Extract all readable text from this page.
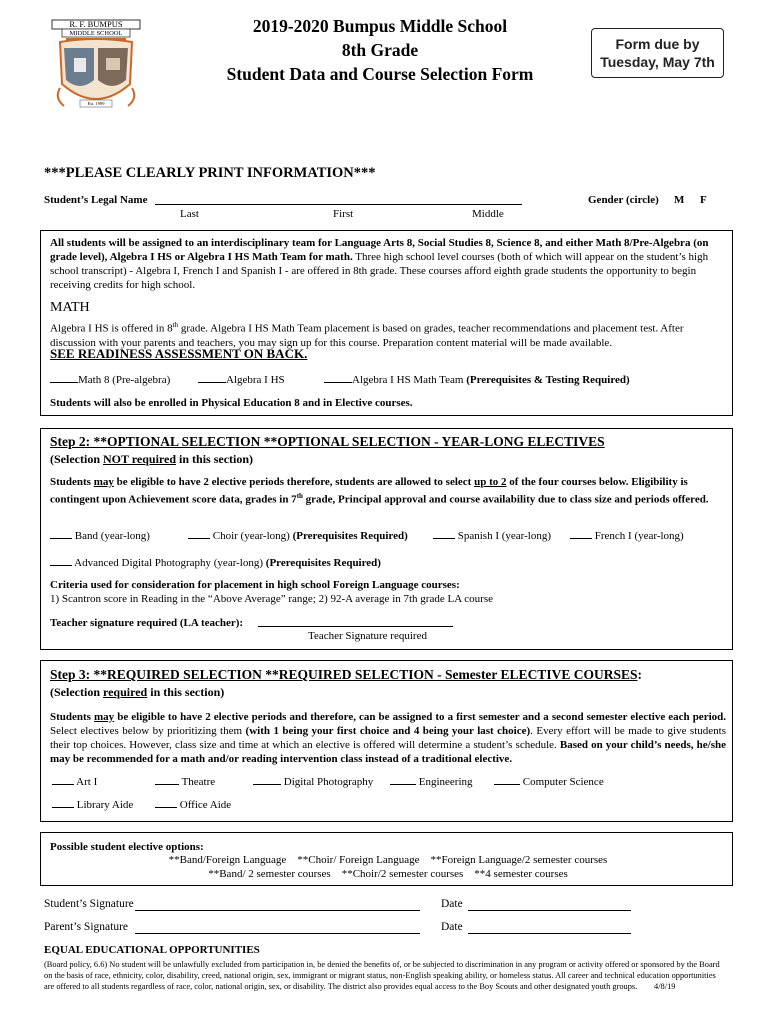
R. F. BUMPUS
MIDDLE SCHOOL
Est. 1999
2019-2020 Bumpus Middle School
8th Grade
Student Data and Course Selection Form
Form due by
Tuesday, May 7th
***PLEASE CLEARLY PRINT INFORMATION***
Student’s Legal Name
Last	First	Middle
Gender (circle) M F
All students will be assigned to an interdisciplinary team for Language Arts 8, Social Studies 8, Science 8, and either Math 8/Pre-Algebra (on grade level), Algebra I HS or Algebra I HS Math Team for math. Three high school level courses (both of which will appear on the student’s high school transcript) - Algebra I, French I and Spanish I - are offered in 8th grade. These courses afford eighth grade students the opportunity to begin receiving credits for high school.
MATH
Algebra I HS is offered in 8th grade. Algebra I HS Math Team placement is based on grades, teacher recommendations and placement test. After discussion with your parents and teachers, you may sign up for this course. Preparation content material will be made available.
SEE READINESS ASSESSMENT ON BACK.
Math 8 (Pre-algebra)	Algebra I HS	Algebra I HS Math Team (Prerequisites & Testing Required)
Students will also be enrolled in Physical Education 8 and in Elective courses.
Step 2: **OPTIONAL SELECTION **OPTIONAL SELECTION - YEAR-LONG ELECTIVES
(Selection NOT required in this section)
Students may be eligible to have 2 elective periods therefore, students are allowed to select up to 2 of the four courses below. Eligibility is contingent upon Achievement score data, grades in 7th grade, Principal approval and course availability due to class size and periods offered.
Band (year-long)	Choir (year-long) (Prerequisites Required)	Spanish I (year-long)	French I (year-long)
Advanced Digital Photography (year-long) (Prerequisites Required)
Criteria used for consideration for placement in high school Foreign Language courses:
1) Scantron score in Reading in the “Above Average” range; 2) 92-A average in 7th grade LA course
Teacher signature required (LA teacher):
Teacher Signature required
Step 3: **REQUIRED SELECTION **REQUIRED SELECTION - Semester ELECTIVE COURSES:
(Selection required in this section)
Students may be eligible to have 2 elective periods and therefore, can be assigned to a first semester and a second semester elective each period. Select electives below by prioritizing them (with 1 being your first choice and 4 being your last choice). Every effort will be made to give students their top choices. However, class size and time at which an elective is offered will determine a student’s schedule. Based on your child’s needs, he/she may be recommended for a math and/or reading intervention class instead of a traditional elective.
Art I	Theatre	Digital Photography	Engineering	Computer Science
Library Aide	Office Aide
Possible student elective options:
**Band/Foreign Language    **Choir/ Foreign Language    **Foreign Language/2 semester courses
**Band/ 2 semester courses    **Choir/2 semester courses    **4 semester courses
Student’s Signature	Date
Parent’s Signature	Date
EQUAL EDUCATIONAL OPPORTUNITIES
(Board policy, 6.6) No student will be unlawfully excluded from participation in, be denied the benefits of, or be subjected to discrimination in any program or activity offered or sponsored by the Board on the basis of race, ethnicity, color, disability, creed, national origin, sex, immigrant or migrant status, non-English speaking ability, or homeless status. All career and technical education opportunities are offered to all students regardless of race, color, national origin, sex, or disability. The district also provides equal access to the Boy Scouts and other designated youth groups. 4/8/19
